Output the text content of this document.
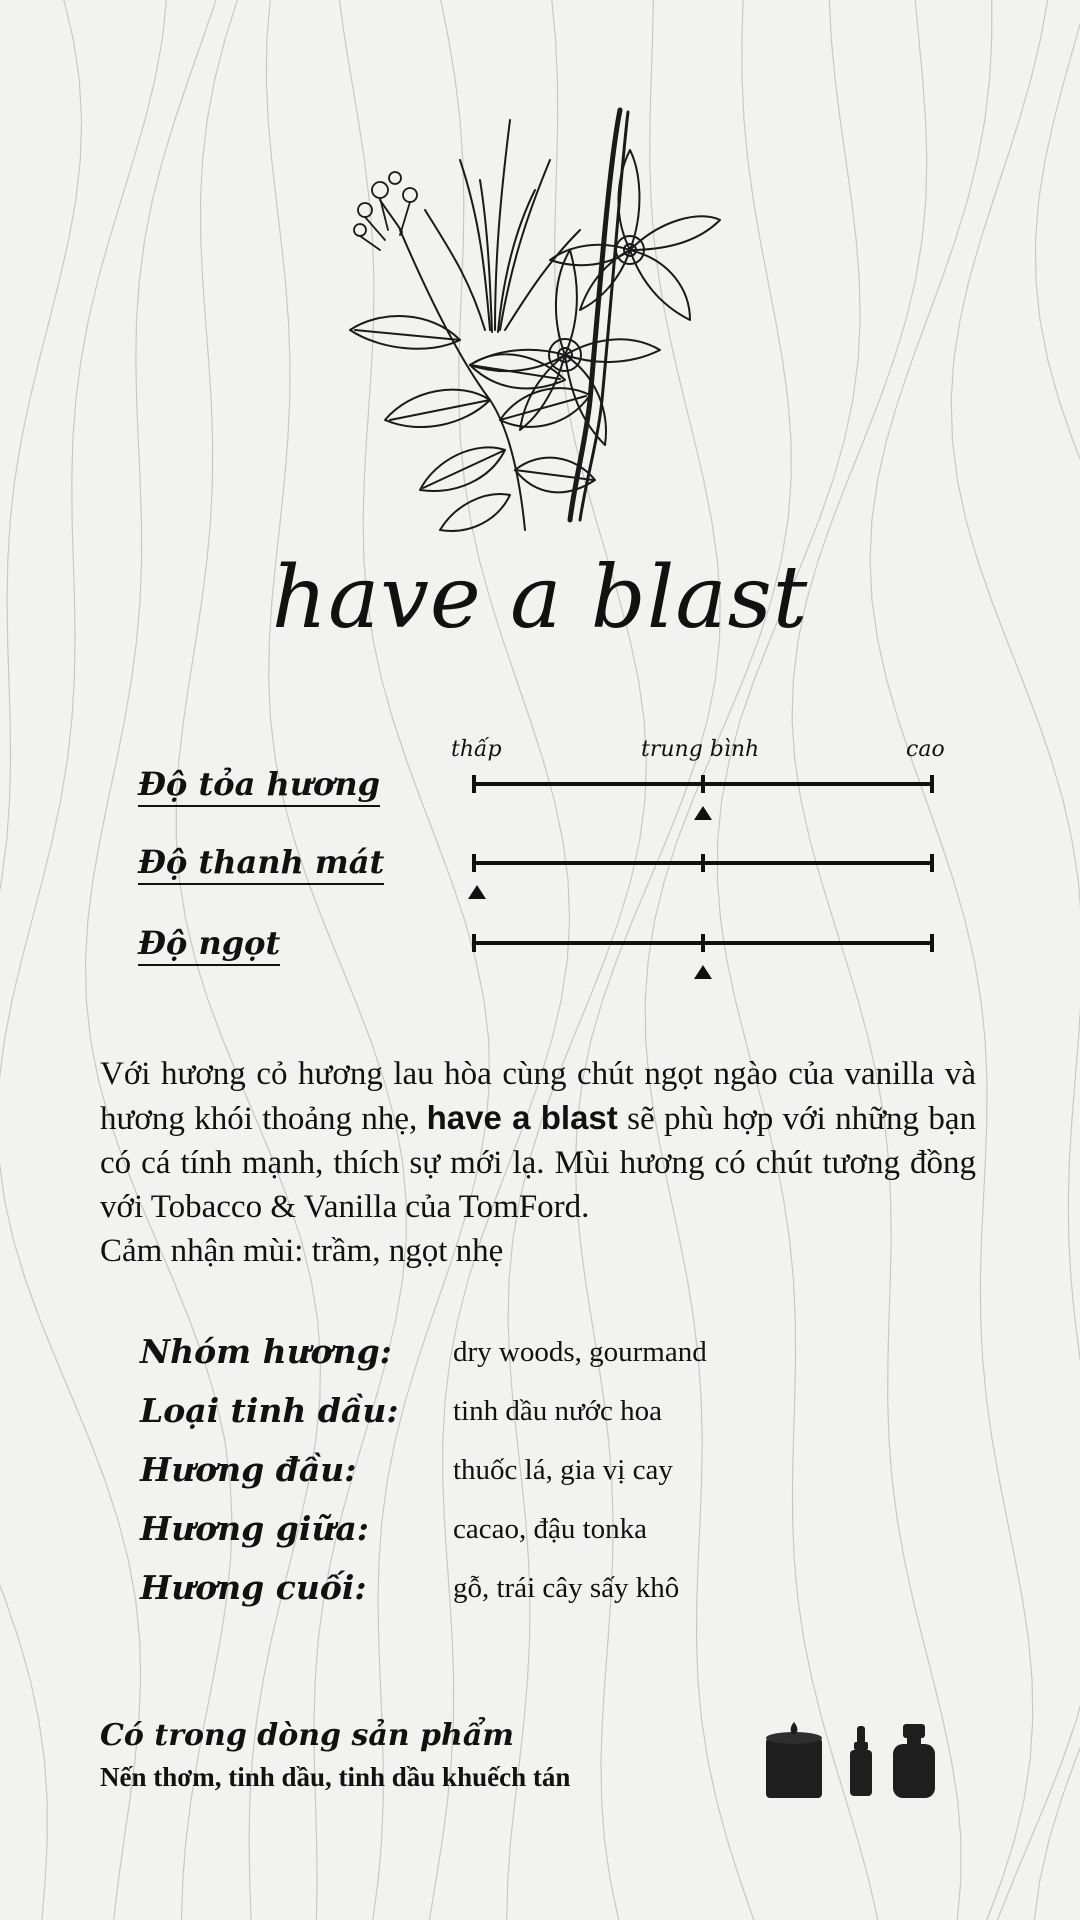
have a blast
thấp	trung bình	cao
Độ tỏa hương
Độ thanh mát
Độ ngọt
Với hương cỏ hương lau hòa cùng chút ngọt ngào của vanilla và hương khói thoảng nhẹ, have a blast sẽ phù hợp với những bạn có cá tính mạnh, thích sự mới lạ. Mùi hương có chút tương đồng với Tobacco & Vanilla của TomFord.
Cảm nhận mùi: trầm, ngọt nhẹ
Nhóm hương: dry woods, gourmand
Loại tinh dầu: tinh dầu nước hoa
Hương đầu:	thuốc lá, gia vị cay
Hương giữa:	cacao, đậu tonka
Hương cuối:	gỗ, trái cây sấy khô
Có trong dòng sản phẩm
Nến thơm, tinh dầu, tinh dầu khuếch tán
